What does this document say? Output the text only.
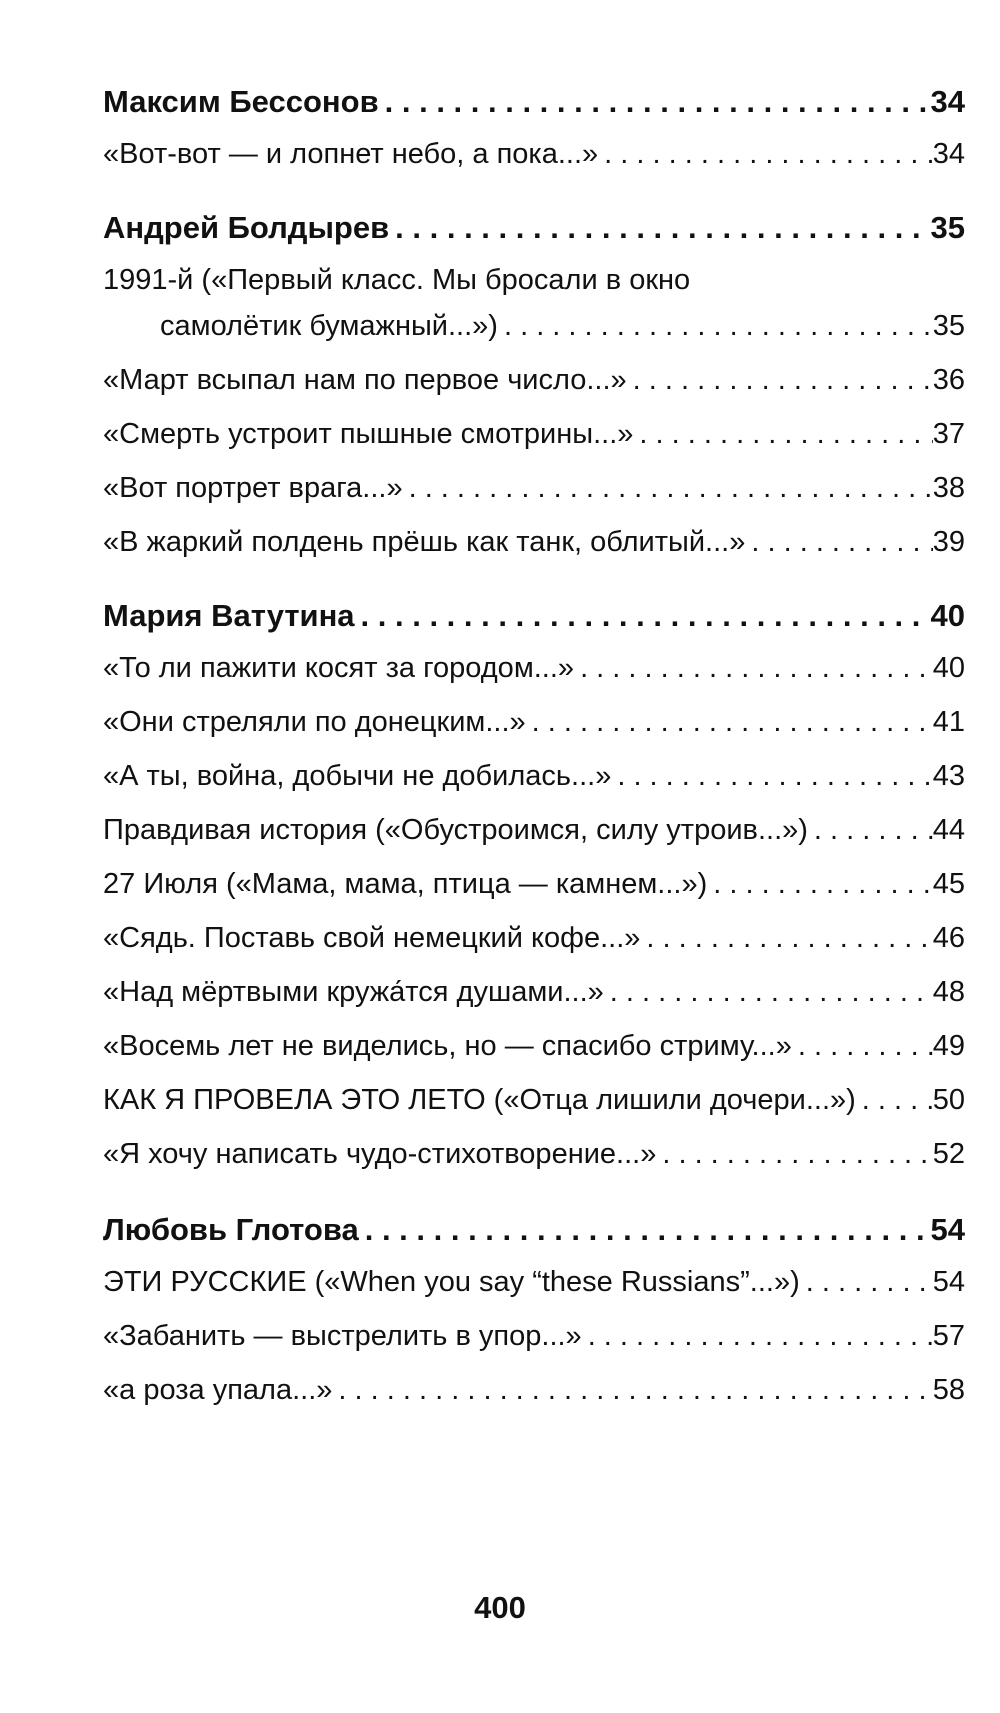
Максим Бессонов . . .	34
«Вот-вот — и лопнет небо, а пока...» . . .	34
Андрей Болдырев . . .	35
1991-й («Первый класс. Мы бросали в окно
самолётик бумажный...») . . .	35
«Март всыпал нам по первое число...» . . .	36
«Смерть устроит пышные смотрины...» . . .	37
«Вот портрет врага...» . . .	38
«В жаркий полдень прёшь как танк, облитый...» . . .	39
Мария Ватутина . . .	40
«То ли пажити косят за городом...» . . .	40
«Они стреляли по донецким...» . . .	41
«А ты, война, добычи не добилась...» . . .	43
Правдивая история («Обустроимся, силу утроив...») . . .	44
27 Июля («Мама, мама, птица — камнем...») . . .	45
«Сядь. Поставь свой немецкий кофе...» . . .	46
«Над мёртвыми кружа́тся душами...» . . .	48
«Восемь лет не виделись, но — спасибо стриму...» . . .	49
КАК Я ПРОВЕЛА ЭТО ЛЕТО («Отца лишили дочери...») . . .	50
«Я хочу написать чудо-стихотворение...» . . .	52
Любовь Глотова . . .	54
ЭТИ РУССКИЕ («When you say “these Russians”...») . . .	54
«Забанить — выстрелить в упор...» . . .	57
«а роза упала...» . . .	58
400
